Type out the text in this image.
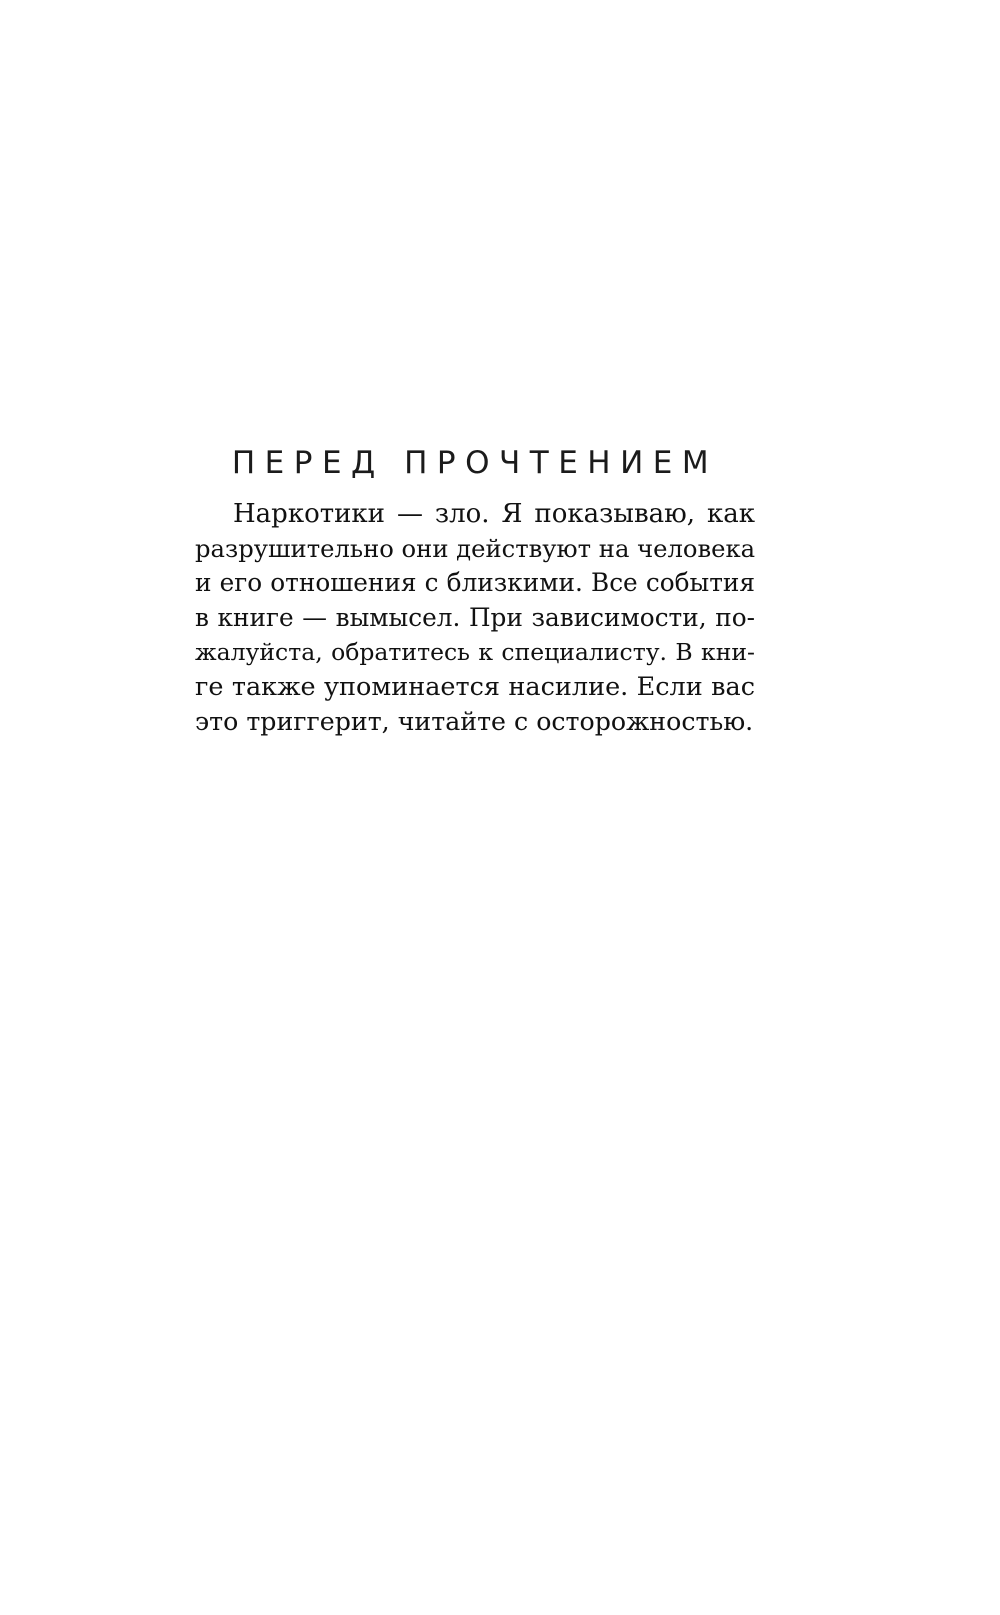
ПЕРЕД ПРОЧТЕНИЕМ

Наркотики — зло. Я показываю, как
разрушительно они действуют на человека
и его отношения с близкими. Все события
в книге — вымысел. При зависимости, по-
жалуйста, обратитесь к специалисту. В кни-
ге также упоминается насилие. Если вас
это триггерит, читайте с осторожностью.
